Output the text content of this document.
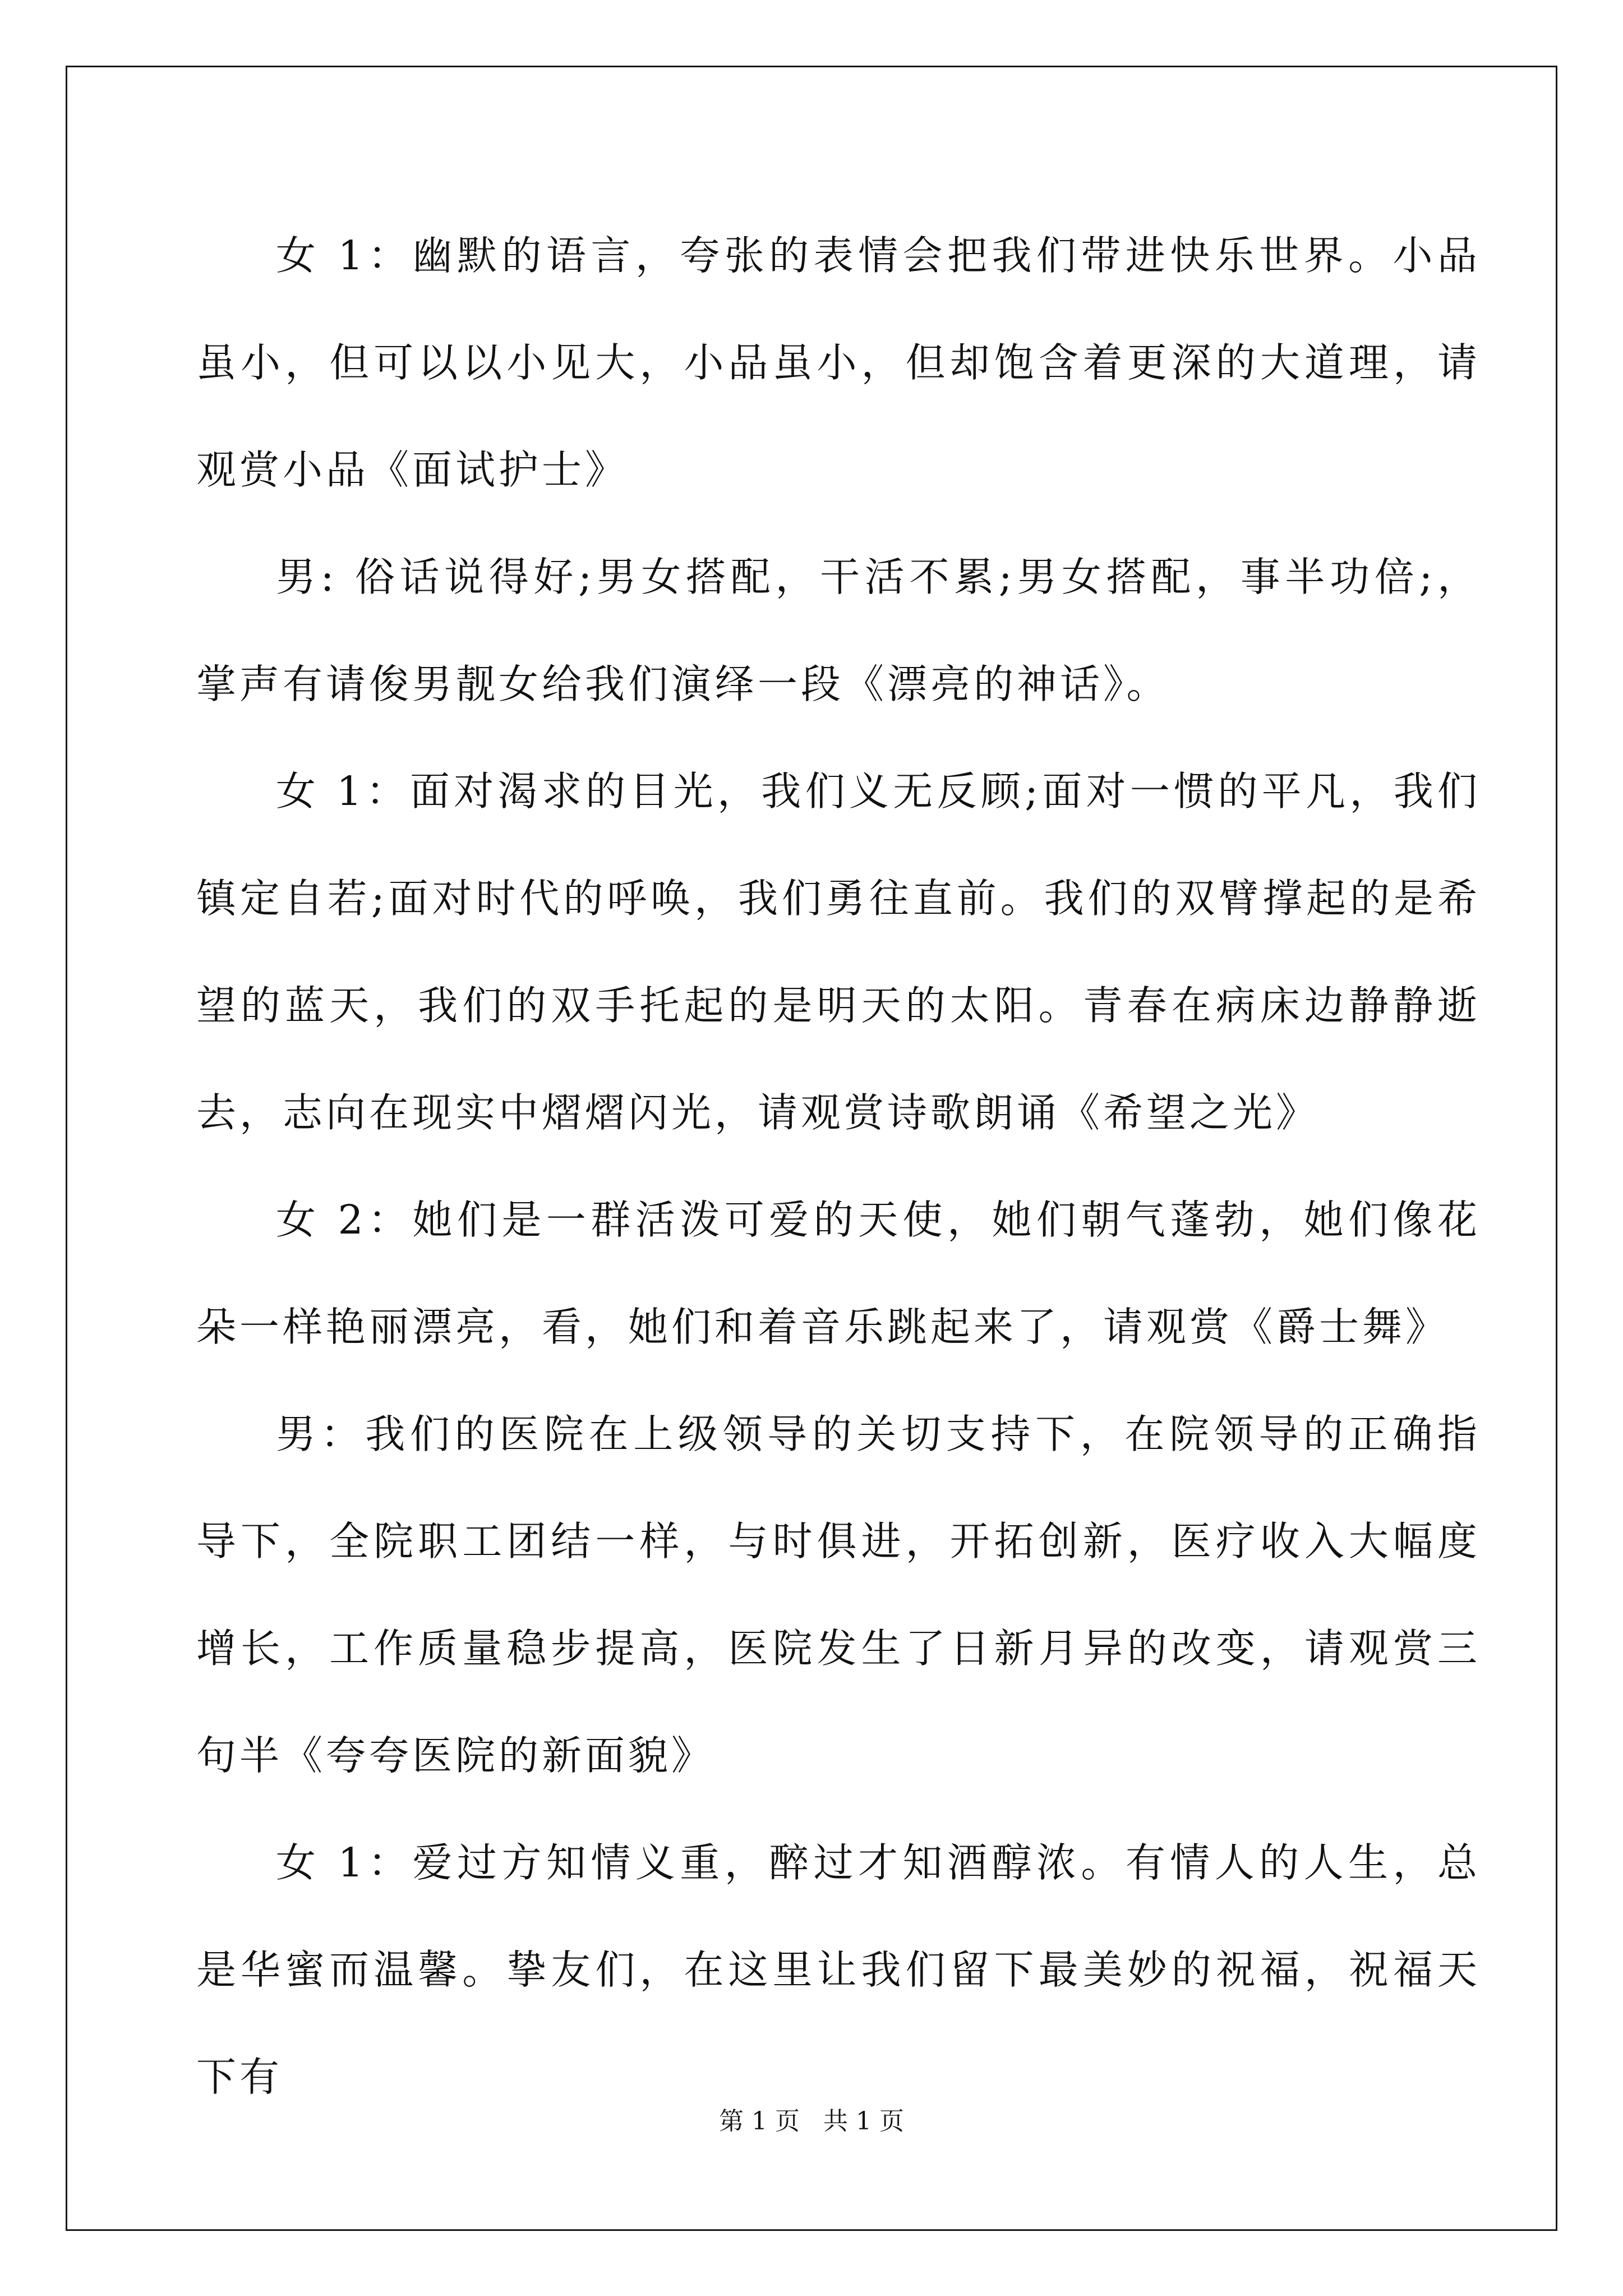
女 1：幽默的语言，夸张的表情会把我们带进快乐世界。小品虽小，但可以以小见大，小品虽小，但却饱含着更深的大道理，请观赏小品《面试护士》

男: 俗话说得好;男女搭配，干活不累;男女搭配，事半功倍;，掌声有请俊男靓女给我们演绎一段《漂亮的神话》。

女 1：面对渴求的目光，我们义无反顾;面对一惯的平凡，我们镇定自若;面对时代的呼唤，我们勇往直前。我们的双臂撑起的是希望的蓝天，我们的双手托起的是明天的太阳。青春在病床边静静逝去，志向在现实中熠熠闪光，请观赏诗歌朗诵《希望之光》

女 2：她们是一群活泼可爱的天使，她们朝气蓬勃，她们像花朵一样艳丽漂亮，看，她们和着音乐跳起来了，请观赏《爵士舞》

男：我们的医院在上级领导的关切支持下，在院领导的正确指导下，全院职工团结一样，与时俱进，开拓创新，医疗收入大幅度增长，工作质量稳步提高，医院发生了日新月异的改变，请观赏三句半《夸夸医院的新面貌》

女 1：爱过方知情义重，醉过才知酒醇浓。有情人的人生，总是华蜜而温馨。挚友们，在这里让我们留下最美妙的祝福，祝福天下有

第 1 页   共 1 页
